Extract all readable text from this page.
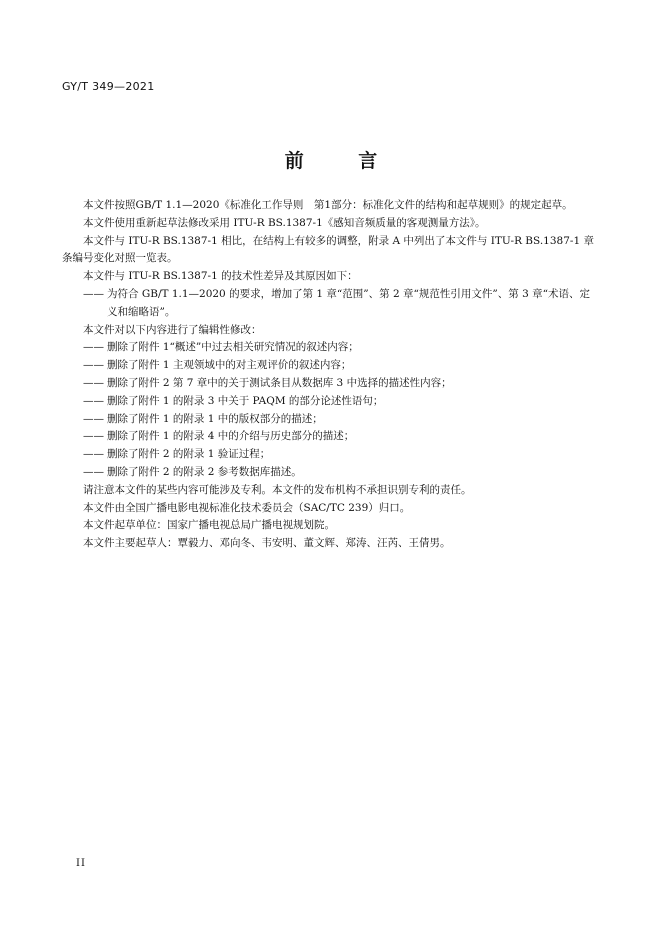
GY/T 349—2021
前 言

本文件按照GB/T 1.1—2020《标准化工作导则　第1部分：标准化文件的结构和起草规则》的规定起草。

本文件使用重新起草法修改采用 ITU-R BS.1387-1《感知音频质量的客观测量方法》。

本文件与 ITU-R BS.1387-1 相比，在结构上有较多的调整，附录 A 中列出了本文件与 ITU-R BS.1387-1 章条编号变化对照一览表。

本文件与 ITU-R BS.1387-1 的技术性差异及其原因如下：

—— 为符合 GB/T 1.1—2020 的要求，增加了第 1 章“范围”、第 2 章“规范性引用文件”、第 3 章“术语、定义和缩略语”。

本文件对以下内容进行了编辑性修改：

—— 删除了附件 1“概述”中过去相关研究情况的叙述内容；

—— 删除了附件 1 主观领域中的对主观评价的叙述内容；

—— 删除了附件 2 第 7 章中的关于测试条目从数据库 3 中选择的描述性内容；

—— 删除了附件 1 的附录 3 中关于 PAQM 的部分论述性语句；

—— 删除了附件 1 的附录 1 中的版权部分的描述；

—— 删除了附件 1 的附录 4 中的介绍与历史部分的描述；

—— 删除了附件 2 的附录 1 验证过程；

—— 删除了附件 2 的附录 2 参考数据库描述。

请注意本文件的某些内容可能涉及专利。本文件的发布机构不承担识别专利的责任。

本文件由全国广播电影电视标准化技术委员会（SAC/TC 239）归口。

本文件起草单位：国家广播电视总局广播电视规划院。

本文件主要起草人：覃毅力、邓向冬、韦安明、董文辉、郑涛、汪芮、王倩男。

II
